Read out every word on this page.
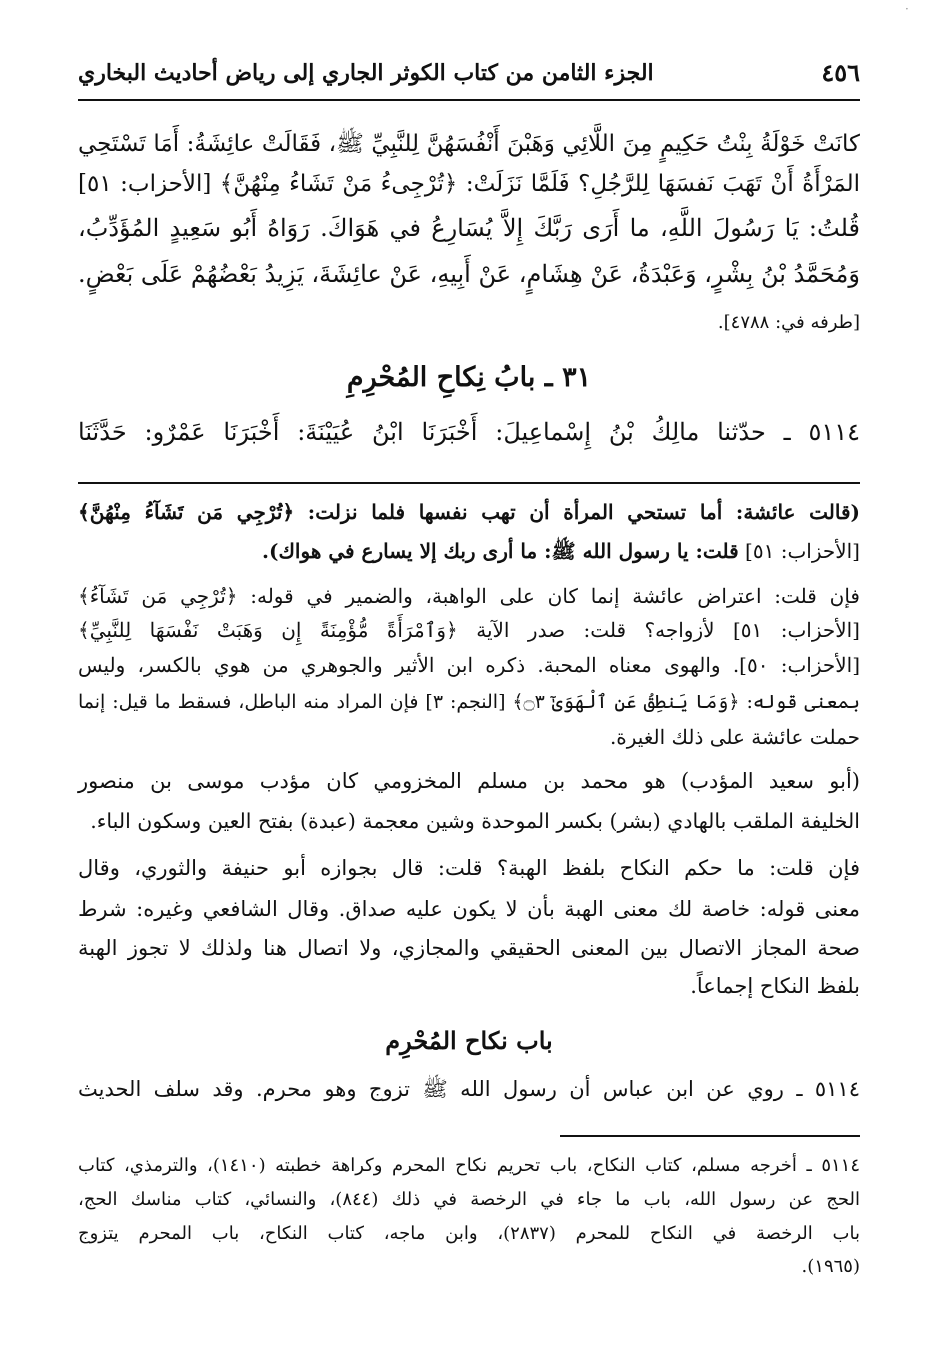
·
٤٥٦
الجزء الثامن من كتاب الكوثر الجاري إلى رياض أحاديث البخاري
كانَتْ خَوْلَةُ بِنْتُ حَكِيمٍ مِنَ اللَّائِي وَهَبْنَ أَنْفُسَهُنَّ لِلنَّبِيِّ ﷺ، فَقَالَتْ عائِشَةُ: أَمَا تَسْتَحِي
المَرْأَةُ أَنْ تَهَبَ نَفسَهَا لِلرَّجُلِ؟ فَلَمَّا نَزَلَتْ: ﴿تُرْجِىءُ مَنْ تَشَاءُ مِنْهُنَّ﴾ [الأحزاب: ٥١]
قُلتُ: يَا رَسُولَ اللَّهِ، ما أَرَى رَبَّكَ إِلاَّ يُسَارِعُ في هَوَاكَ. رَوَاهُ أَبُو سَعِيدٍ المُؤَدِّبُ،
وَمُحَمَّدُ بْنُ بِشْرٍ، وَعَبْدَةُ، عَنْ هِشَامٍ، عَنْ أَبِيهِ، عَنْ عائِشَةَ، يَزِيدُ بَعْضُهُمْ عَلَى بَعْضٍ.
[طرفه في: ٤٧٨٨].
٣١ ـ بابُ نِكاحِ المُحْرِمِ
٥١١٤ ـ حدّثنا مالِكُ بْنُ إِسْماعِيلَ: أَخْبَرَنَا ابْنُ عُيَيْنَةَ: أَخْبَرَنَا عَمْرٌو: حَدَّثَنَا
(قالت عائشة: أما تستحي المرأة أن تهب نفسها فلما نزلت: ﴿تُرْجِي مَن تَشَآءُ مِنْهُنَّ﴾
[الأحزاب: ٥١] قلت: يا رسول الله ﷺ: ما أرى ربك إلا يسارع في هواك).
فإن قلت: اعتراض عائشة إنما كان على الواهبة، والضمير في قوله: ﴿تُرْجِي مَن تَشَآءُ﴾
[الأحزاب: ٥١] لأزواجه؟ قلت: صدر الآية ﴿وَٱمْرَأَةً مُّؤْمِنَةً إِن وَهَبَتْ نَفْسَهَا لِلنَّبِيِّ﴾
[الأحزاب: ٥٠]. والهوى معناه المحبة. ذكره ابن الأثير والجوهري من هوي بالكسر، وليس
بمعنى قوله: ﴿وَمَا يَنطِقُ عَنِ ٱلْهَوَىٰٓ ۝٣﴾ [النجم: ٣] فإن المراد منه الباطل، فسقط ما قيل: إنما
حملت عائشة على ذلك الغيرة.
(أبو سعيد المؤدب) هو محمد بن مسلم المخزومي كان مؤدب موسى بن منصور
الخليفة الملقب بالهادي (بشر) بكسر الموحدة وشين معجمة (عبدة) بفتح العين وسكون الباء.
فإن قلت: ما حكم النكاح بلفظ الهبة؟ قلت: قال بجوازه أبو حنيفة والثوري، وقال
معنى قوله: خاصة لك معنى الهبة بأن لا يكون عليه صداق. وقال الشافعي وغيره: شرط
صحة المجاز الاتصال بين المعنى الحقيقي والمجازي، ولا اتصال هنا ولذلك لا تجوز الهبة
بلفظ النكاح إجماعاً.
باب نكاح المُحْرِم
٥١١٤ ـ روي عن ابن عباس أن رسول الله ﷺ تزوج وهو محرم. وقد سلف الحديث
٥١١٤ ـ أخرجه مسلم، كتاب النكاح، باب تحريم نكاح المحرم وكراهة خطبته (١٤١٠)، والترمذي، كتاب
الحج عن رسول الله، باب ما جاء في الرخصة في ذلك (٨٤٤)، والنسائي، كتاب مناسك الحج،
باب الرخصة في النكاح للمحرم (٢٨٣٧)، وابن ماجه، كتاب النكاح، باب المحرم يتزوج
(١٩٦٥).
